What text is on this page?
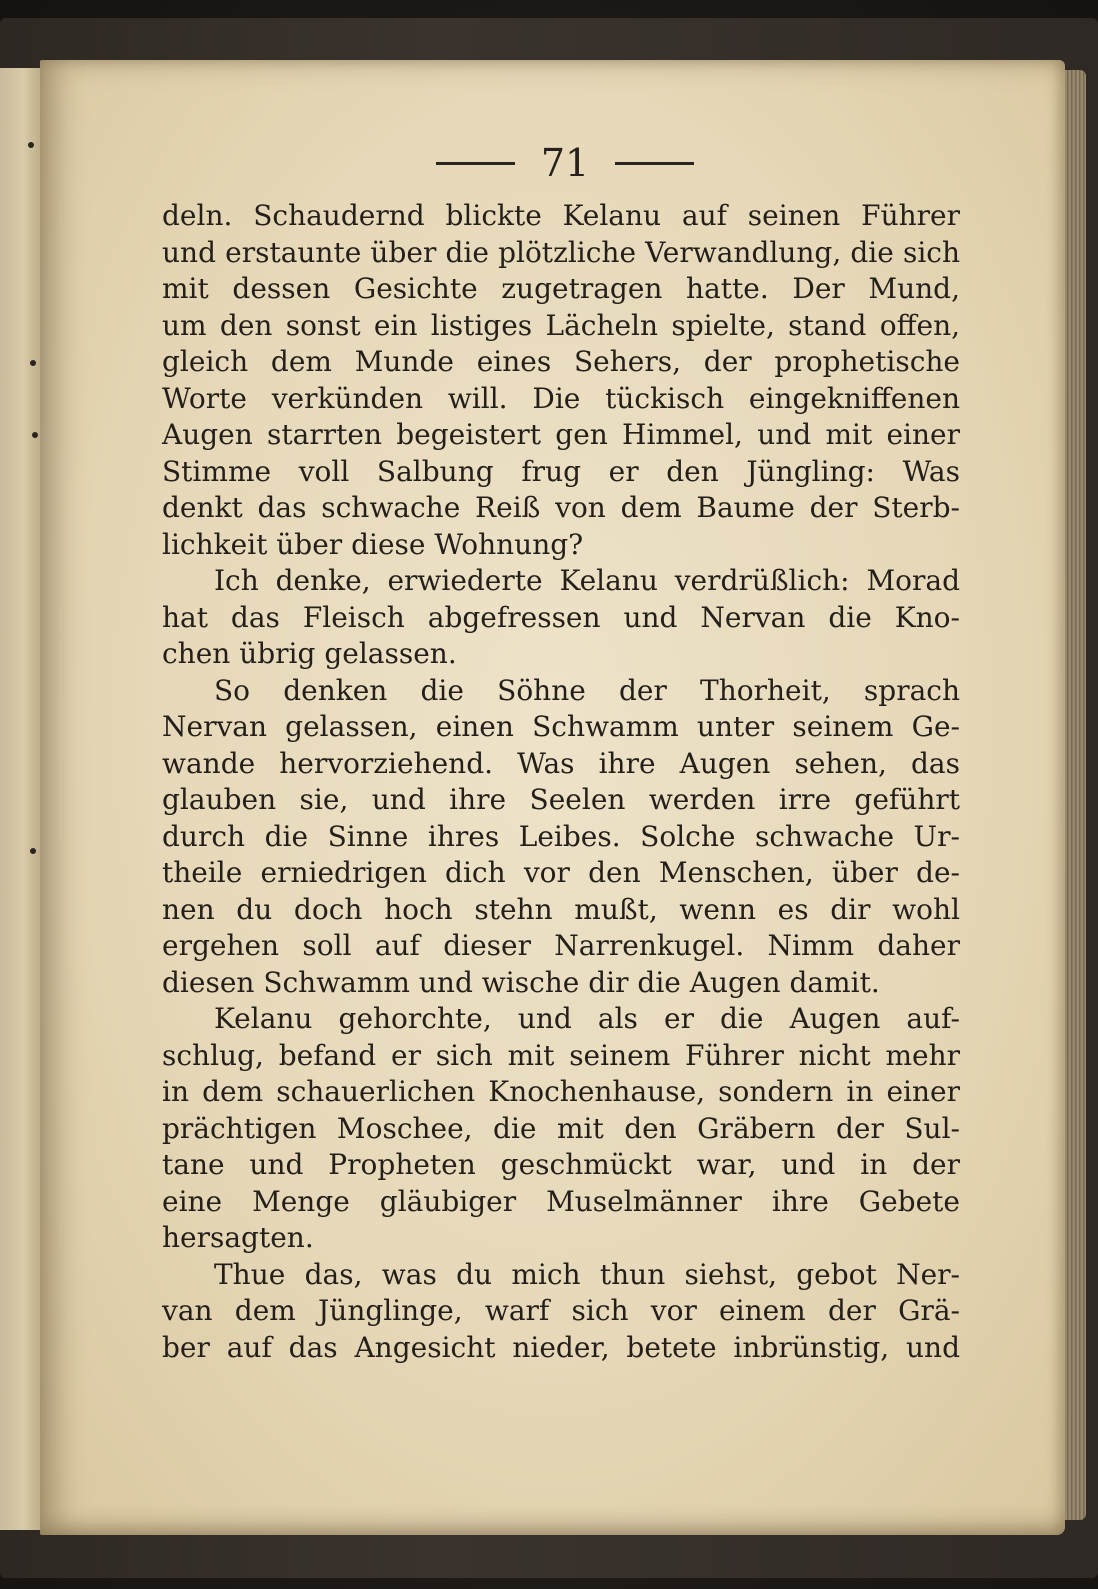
71
deln. Schaudernd blickte Kelanu auf seinen Führer
und erstaunte über die plötzliche Verwandlung, die sich
mit dessen Gesichte zugetragen hatte. Der Mund,
um den sonst ein listiges Lächeln spielte, stand offen,
gleich dem Munde eines Sehers, der prophetische
Worte verkünden will. Die tückisch eingekniffenen
Augen starrten begeistert gen Himmel, und mit einer
Stimme voll Salbung frug er den Jüngling: Was
denkt das schwache Reiß von dem Baume der Sterb-
lichkeit über diese Wohnung?
Ich denke, erwiederte Kelanu verdrüßlich: Morad
hat das Fleisch abgefressen und Nervan die Kno-
chen übrig gelassen.
So denken die Söhne der Thorheit, sprach
Nervan gelassen, einen Schwamm unter seinem Ge-
wande hervorziehend. Was ihre Augen sehen, das
glauben sie, und ihre Seelen werden irre geführt
durch die Sinne ihres Leibes. Solche schwache Ur-
theile erniedrigen dich vor den Menschen, über de-
nen du doch hoch stehn mußt, wenn es dir wohl
ergehen soll auf dieser Narrenkugel. Nimm daher
diesen Schwamm und wische dir die Augen damit.
Kelanu gehorchte, und als er die Augen auf-
schlug, befand er sich mit seinem Führer nicht mehr
in dem schauerlichen Knochenhause, sondern in einer
prächtigen Moschee, die mit den Gräbern der Sul-
tane und Propheten geschmückt war, und in der
eine Menge gläubiger Muselmänner ihre Gebete
hersagten.
Thue das, was du mich thun siehst, gebot Ner-
van dem Jünglinge, warf sich vor einem der Grä-
ber auf das Angesicht nieder, betete inbrünstig, und
